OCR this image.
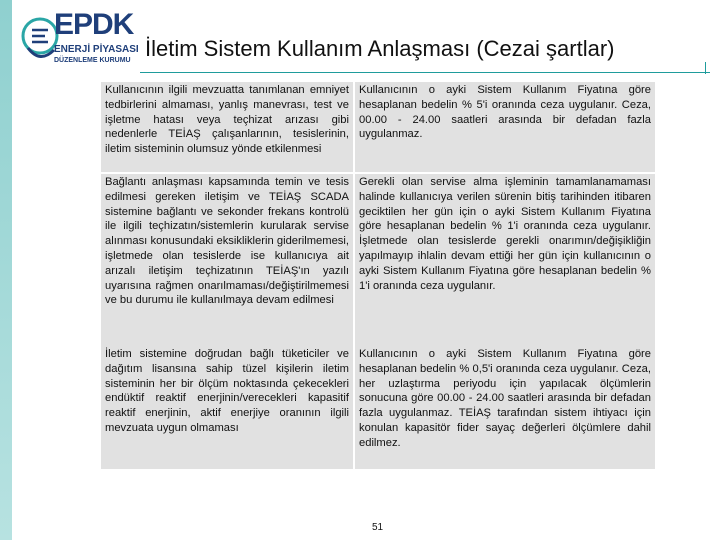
EPDK
ENERJİ PİYASASI
DÜZENLEME KURUMU İletim Sistem Kullanım Anlaşması (Cezai şartlar)
Kullanıcının ilgili mevzuatta tanımlanan emniyet tedbirlerini almaması, yanlış manevrası, test ve işletme hatası veya teçhizat arızası gibi nedenlerle TEİAŞ çalışanlarının, tesislerinin, iletim sisteminin olumsuz yönde etkilenmesi
Kullanıcının o ayki Sistem Kullanım Fiyatına göre hesaplanan bedelin % 5'i oranında ceza uygulanır. Ceza, 00.00 - 24.00 saatleri arasında bir defadan fazla uygulanmaz.
Bağlantı anlaşması kapsamında temin ve tesis edilmesi gereken iletişim ve TEİAŞ SCADA sistemine bağlantı ve sekonder frekans kontrolü ile ilgili teçhizatın/sistemlerin kurularak servise alınması konusundaki eksikliklerin giderilmemesi, işletmede olan tesislerde ise kullanıcıya ait arızalı iletişim teçhizatının TEİAŞ'ın yazılı uyarısına rağmen onarılmaması/değiştirilmemesi ve bu durumu ile kullanılmaya devam edilmesi
Gerekli olan servise alma işleminin tamamlanamaması halinde kullanıcıya verilen sürenin bitiş tarihinden itibaren geciktilen her gün için o ayki Sistem Kullanım Fiyatına göre hesaplanan bedelin % 1'i oranında ceza uygulanır. İşletmede olan tesislerde gerekli onarımın/değişikliğin yapılmayıp ihlalin devam ettiği her gün için kullanıcının o ayki Sistem Kullanım Fiyatına göre hesaplanan bedelin % 1'i oranında ceza uygulanır.
İletim sistemine doğrudan bağlı tüketiciler ve dağıtım lisansına sahip tüzel kişilerin iletim sisteminin her bir ölçüm noktasında çekecekleri endüktif reaktif enerjinin/verecekleri kapasitif reaktif enerjinin, aktif enerjiye oranının ilgili mevzuata uygun olmaması
Kullanıcının o ayki Sistem Kullanım Fiyatına göre hesaplanan bedelin % 0,5'i oranında ceza uygulanır. Ceza, her uzlaştırma periyodu için yapılacak ölçümlerin sonucuna göre 00.00 - 24.00 saatleri arasında bir defadan fazla uygulanmaz. TEİAŞ tarafından sistem ihtiyacı için konulan kapasitör fider sayaç değerleri ölçümlere dahil edilmez.
51
